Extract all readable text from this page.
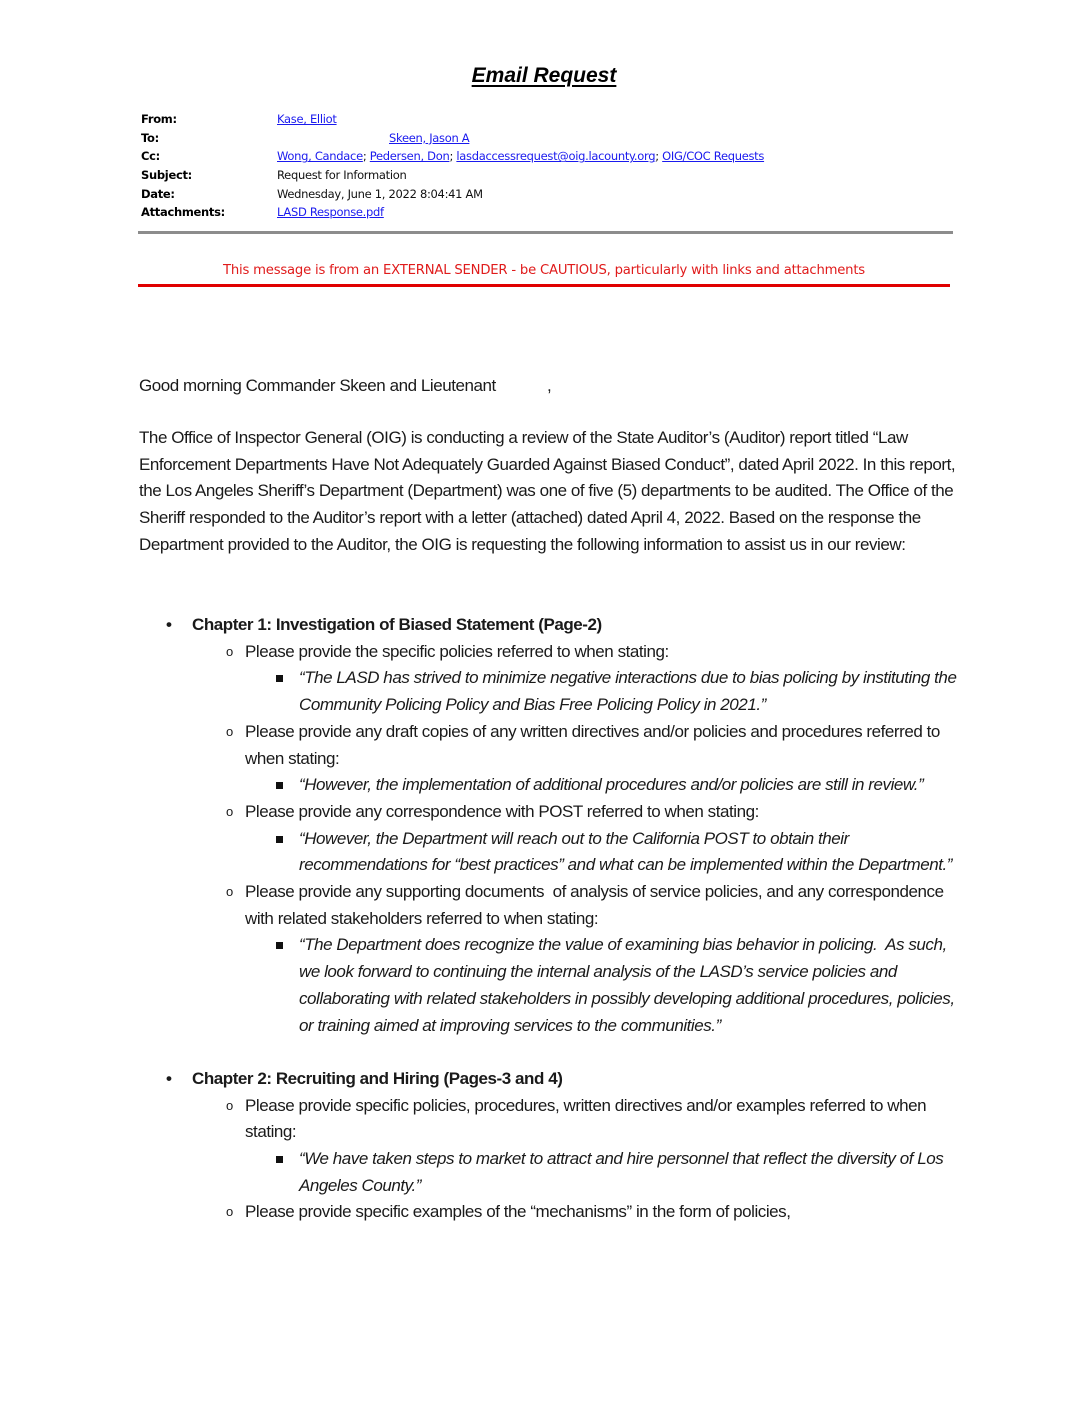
Email Request
From:	Kase, Elliot
To:	Skeen, Jason A
Cc:	Wong, Candace; Pedersen, Don; lasdaccessrequest@oig.lacounty.org; OIG/COC Requests
Subject:	Request for Information
Date:	Wednesday, June 1, 2022 8:04:41 AM
Attachments:	LASD Response.pdf
This message is from an EXTERNAL SENDER - be CAUTIOUS, particularly with links and attachments
Good morning Commander Skeen and Lieutenant            ,
The Office of Inspector General (OIG) is conducting a review of the State Auditor’s (Auditor) report titled “Law Enforcement Departments Have Not Adequately Guarded Against Biased Conduct”, dated April 2022. In this report, the Los Angeles Sheriff’s Department (Department) was one of five (5) departments to be audited. The Office of the Sheriff responded to the Auditor’s report with a letter (attached) dated April 4, 2022. Based on the response the Department provided to the Auditor, the OIG is requesting the following information to assist us in our review:
• Chapter 1: Investigation of Biased Statement (Page-2)
o Please provide the specific policies referred to when stating:
“The LASD has strived to minimize negative interactions due to bias policing by instituting the Community Policing Policy and Bias Free Policing Policy in 2021.”
o Please provide any draft copies of any written directives and/or policies and procedures referred to when stating:
“However, the implementation of additional procedures and/or policies are still in review.”
o Please provide any correspondence with POST referred to when stating:
“However, the Department will reach out to the California POST to obtain their recommendations for “best practices” and what can be implemented within the Department.”
o Please provide any supporting documents  of analysis of service policies, and any correspondence with related stakeholders referred to when stating:
“The Department does recognize the value of examining bias behavior in policing.  As such, we look forward to continuing the internal analysis of the LASD’s service policies and collaborating with related stakeholders in possibly developing additional procedures, policies, or training aimed at improving services to the communities.”
• Chapter 2: Recruiting and Hiring (Pages-3 and 4)
o Please provide specific policies, procedures, written directives and/or examples referred to when stating:
“We have taken steps to market to attract and hire personnel that reflect the diversity of Los Angeles County.”
o Please provide specific examples of the “mechanisms” in the form of policies,
